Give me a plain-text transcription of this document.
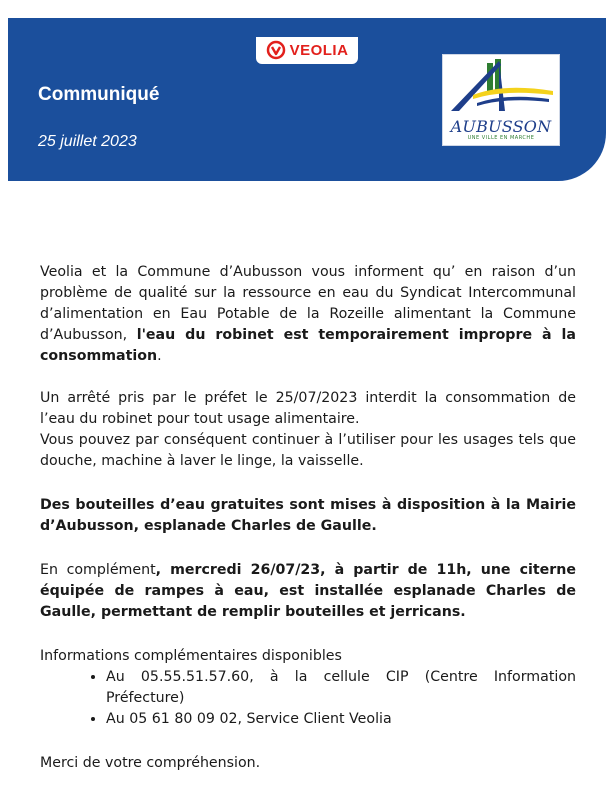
VEOLIA
Communiqué
25 juillet 2023
AUBUSSON
UNE VILLE EN MARCHE

Veolia et la Commune d’Aubusson vous informent qu’ en raison d’un problème de qualité sur la ressource en eau du Syndicat Intercommunal d’alimentation en Eau Potable de la Rozeille alimentant la Commune d’Aubusson, l'eau du robinet est temporairement impropre à la consommation.

Un arrêté pris par le préfet le 25/07/2023 interdit la consommation de l’eau du robinet pour tout usage alimentaire.

Vous pouvez par conséquent continuer à l’utiliser pour les usages tels que douche, machine à laver le linge, la vaisselle.

Des bouteilles d’eau gratuites sont mises à disposition à la Mairie d’Aubusson, esplanade Charles de Gaulle.

En complément, mercredi 26/07/23, à partir de 11h, une citerne équipée de rampes à eau, est installée esplanade Charles de Gaulle, permettant de remplir bouteilles et jerricans.

Informations complémentaires disponibles

• Au 05.55.51.57.60, à la cellule CIP (Centre Information Préfecture)
• Au 05 61 80 09 02, Service Client Veolia

Merci de votre compréhension.
